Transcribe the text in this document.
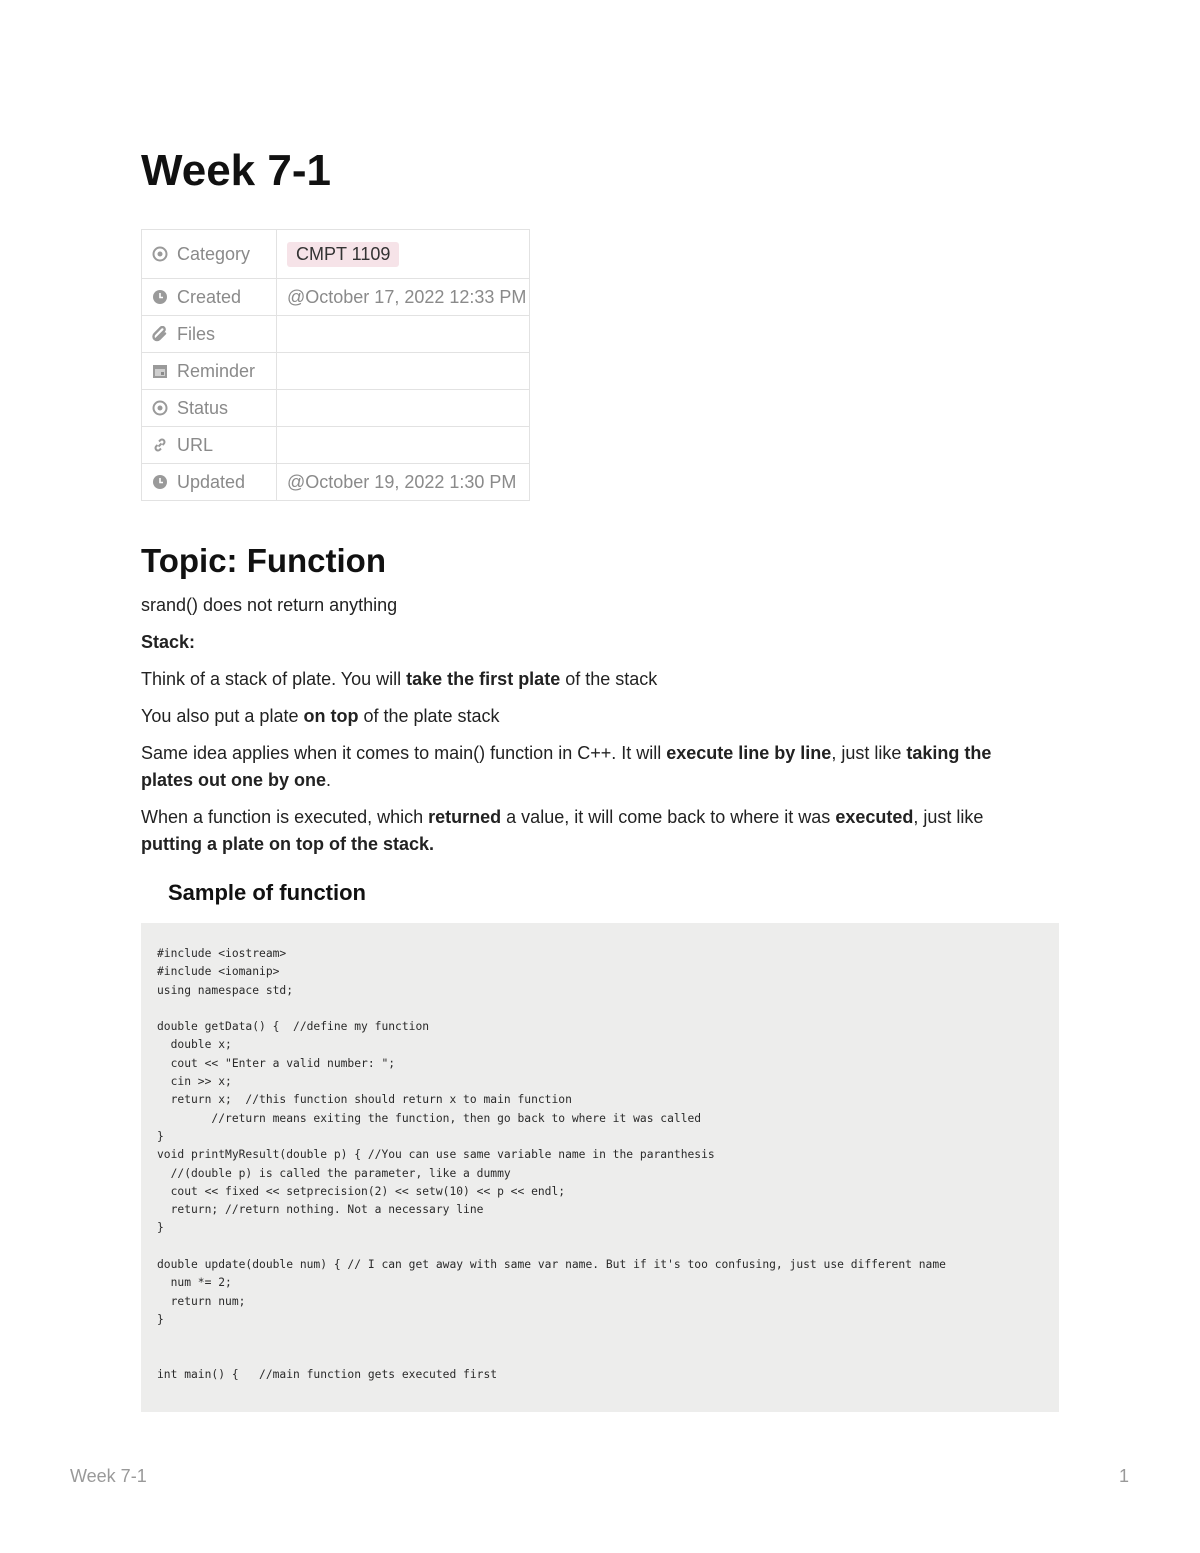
Week 7-1
Category	CMPT 1109
Created	@October 17, 2022 12:33 PM
Files	
Reminder	
Status	
URL	
Updated	@October 19, 2022 1:30 PM
Topic: Function

srand() does not return anything

Stack:

Think of a stack of plate. You will take the first plate of the stack

You also put a plate on top of the plate stack

Same idea applies when it comes to main() function in C++. It will execute line by line, just like taking the plates out one by one.

When a function is executed, which returned a value, it will come back to where it was executed, just like putting a plate on top of the stack.

Sample of function
#include <iostream>
#include <iomanip>
using namespace std;

double getData() {  //define my function
double x;
cout << "Enter a valid number: ";
cin >> x;
return x;  //this function should return x to main function
//return means exiting the function, then go back to where it was called
}
void printMyResult(double p) { //You can use same variable name in the paranthesis
//(double p) is called the parameter, like a dummy
cout << fixed << setprecision(2) << setw(10) << p << endl;
return; //return nothing. Not a necessary line
}

double update(double num) { // I can get away with same var name. But if it's too confusing, just use different name
num *= 2;
return num;
}

int main() {   //main function gets executed first
Week 7-1	1
